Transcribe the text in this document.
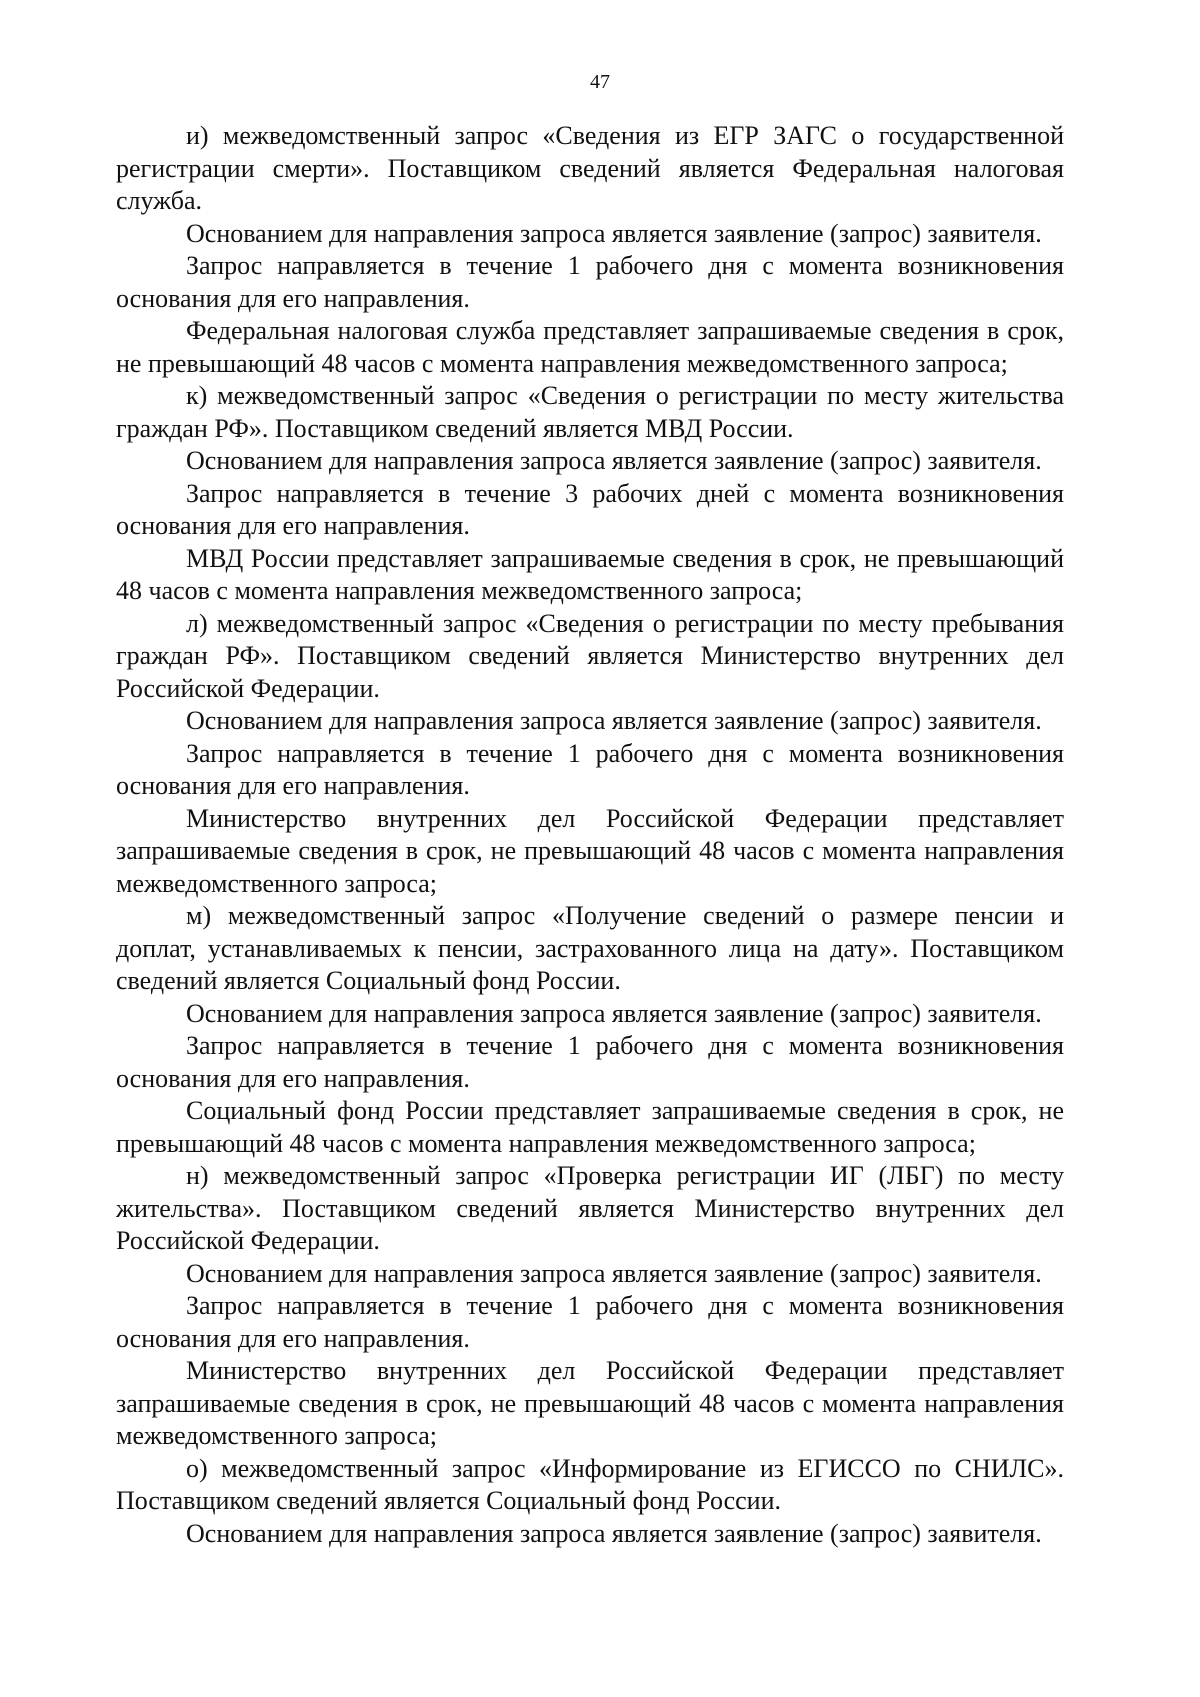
47

и) межведомственный запрос «Сведения из ЕГР ЗАГС о государственной регистрации смерти». Поставщиком сведений является Федеральная налоговая служба.

Основанием для направления запроса является заявление (запрос) заявителя.

Запрос направляется в течение 1 рабочего дня с момента возникновения основания для его направления.

Федеральная налоговая служба представляет запрашиваемые сведения в срок, не превышающий 48 часов с момента направления межведомственного запроса;

к) межведомственный запрос «Сведения о регистрации по месту жительства граждан РФ». Поставщиком сведений является МВД России.

Основанием для направления запроса является заявление (запрос) заявителя.

Запрос направляется в течение 3 рабочих дней с момента возникновения основания для его направления.

МВД России представляет запрашиваемые сведения в срок, не превышающий 48 часов с момента направления межведомственного запроса;

л) межведомственный запрос «Сведения о регистрации по месту пребывания граждан РФ». Поставщиком сведений является Министерство внутренних дел Российской Федерации.

Основанием для направления запроса является заявление (запрос) заявителя.

Запрос направляется в течение 1 рабочего дня с момента возникновения основания для его направления.

Министерство внутренних дел Российской Федерации представляет запрашиваемые сведения в срок, не превышающий 48 часов с момента направления межведомственного запроса;

м) межведомственный запрос «Получение сведений о размере пенсии и доплат, устанавливаемых к пенсии, застрахованного лица на дату». Поставщиком сведений является Социальный фонд России.

Основанием для направления запроса является заявление (запрос) заявителя.

Запрос направляется в течение 1 рабочего дня с момента возникновения основания для его направления.

Социальный фонд России представляет запрашиваемые сведения в срок, не превышающий 48 часов с момента направления межведомственного запроса;

н) межведомственный запрос «Проверка регистрации ИГ (ЛБГ) по месту жительства». Поставщиком сведений является Министерство внутренних дел Российской Федерации.

Основанием для направления запроса является заявление (запрос) заявителя.

Запрос направляется в течение 1 рабочего дня с момента возникновения основания для его направления.

Министерство внутренних дел Российской Федерации представляет запрашиваемые сведения в срок, не превышающий 48 часов с момента направления межведомственного запроса;

о) межведомственный запрос «Информирование из ЕГИССО по СНИЛС». Поставщиком сведений является Социальный фонд России.

Основанием для направления запроса является заявление (запрос) заявителя.
